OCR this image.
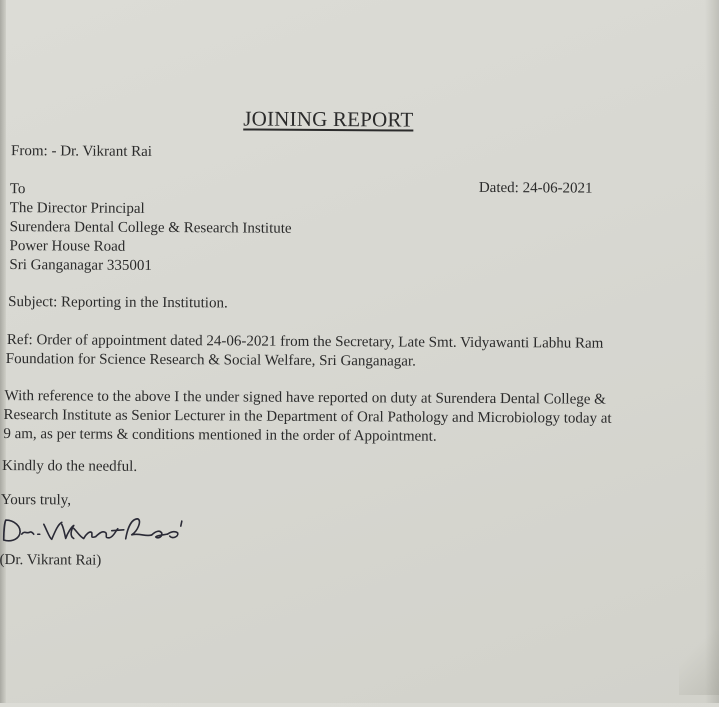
JOINING REPORT
From: - Dr. Vikrant Rai
To	Dated: 24-06-2021
The Director Principal
Surendera Dental College & Research Institute
Power House Road
Sri Ganganagar 335001
Subject: Reporting in the Institution.
Ref: Order of appointment dated 24-06-2021 from the Secretary, Late Smt. Vidyawanti Labhu Ram
Foundation for Science Research & Social Welfare, Sri Ganganagar.
With reference to the above I the under signed have reported on duty at Surendera Dental College &
Research Institute as Senior Lecturer in the Department of Oral Pathology and Microbiology today at
9 am, as per terms & conditions mentioned in the order of Appointment.
Kindly do the needful.
Yours truly,
Dr.Vikrant Rai
(Dr. Vikrant Rai)
